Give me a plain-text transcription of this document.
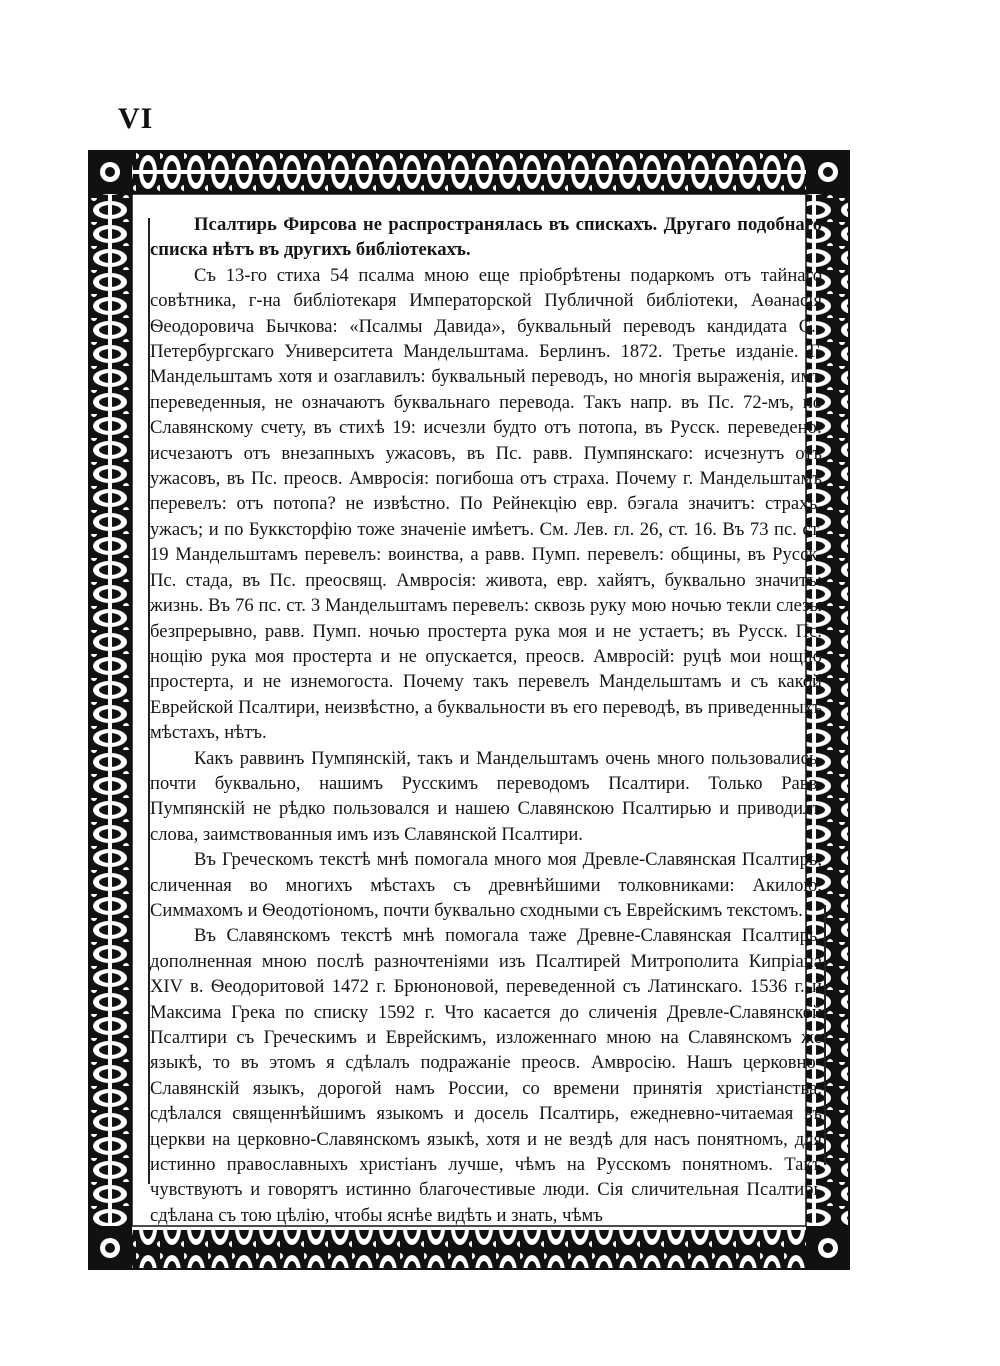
VI

Псалтирь Фирсова не распространялась въ спискахъ. Другаго подобнаго списка нѣтъ въ другихъ библіотекахъ.

Съ 13-го стиха 54 псалма мною еще пріобрѣтены подаркомъ отъ тайнаго совѣтника, г-на библіотекаря Императорской Публичной библіотеки, Аѳанасія Ѳеодоровича Бычкова: «Псалмы Давида», буквальный переводъ кандидата С.-Петербургскаго Университета Мандельштама. Берлинъ. 1872. Третье изданіе. Г. Мандельштамъ хотя и озаглавилъ: буквальный переводъ, но многія выраженія, имъ переведенныя, не означаютъ буквальнаго перевода. Такъ напр. въ Пс. 72-мъ, по Славянскому счету, въ стихѣ 19: исчезли будто отъ потопа, въ Русск. переведено: исчезаютъ отъ внезапныхъ ужасовъ, въ Пс. равв. Пумпянскаго: исчезнутъ отъ ужасовъ, въ Пс. преосв. Амвросія: погибоша отъ страха. Почему г. Мандельштамъ перевелъ: отъ потопа? не извѣстно. По Рейнекцію евр. бэгала значитъ: страхъ, ужасъ; и по Букксторфію тоже значеніе имѣетъ. См. Лев. гл. 26, ст. 16. Въ 73 пс. ст. 19 Мандельштамъ перевелъ: воинства, а равв. Пумп. перевелъ: общины, въ Русск. Пс. стада, въ Пс. преосвящ. Амвросія: живота, евр. хайятъ, буквально значитъ: жизнь. Въ 76 пс. ст. 3 Мандельштамъ перевелъ: сквозь руку мою ночью текли слезы безпрерывно, равв. Пумп. ночью простерта рука моя и не устаетъ; въ Русск. Пс. нощію рука моя простерта и не опускается, преосв. Амвросій: руцѣ мои нощію простерта, и не изнемогоста. Почему такъ перевелъ Мандельштамъ и съ какой Еврейской Псалтири, неизвѣстно, а буквальности въ его переводѣ, въ приведенныхъ мѣстахъ, нѣтъ.

Какъ раввинъ Пумпянскій, такъ и Мандельштамъ очень много пользовались, почти буквально, нашимъ Русскимъ переводомъ Псалтири. Только Равв. Пумпянскій не рѣдко пользовался и нашею Славянскою Псалтирью и приводилъ слова, заимствованныя имъ изъ Славянской Псалтири.

Въ Греческомъ текстѣ мнѣ помогала много моя Древле-Славянская Псалтирь, сличенная во многихъ мѣстахъ съ древнѣйшими толковниками: Акилою, Симмахомъ и Ѳеодотіономъ, почти буквально сходными съ Еврейскимъ текстомъ.

Въ Славянскомъ текстѣ мнѣ помогала таже Древне-Славянская Псалтирь, дополненная мною послѣ разночтеніями изъ Псалтирей Митрополита Кипріана XIV в. Ѳеодоритовой 1472 г. Брюноновой, переведенной съ Латинскаго. 1536 г. и Максима Грека по списку 1592 г. Что касается до сличенія Древле-Славянской Псалтири съ Греческимъ и Еврейскимъ, изложеннаго мною на Славянскомъ же языкѣ, то въ этомъ я сдѣлалъ подражаніе преосв. Амвросію. Нашъ церковно-Славянскій языкъ, дорогой намъ России, со времени принятія христіанства, сдѣлался священнѣйшимъ языкомъ и досель Псалтирь, ежедневно-читаемая въ церкви на церковно-Славянскомъ языкѣ, хотя и не вездѣ для насъ понятномъ, для истинно православныхъ христіанъ лучше, чѣмъ на Русскомъ понятномъ. Такъ чувствуютъ и говорятъ истинно благочестивые люди. Сія сличительная Псалтирь сдѣлана съ тою цѣлію, чтобы яснѣе видѣть и знать, чѣмъ
